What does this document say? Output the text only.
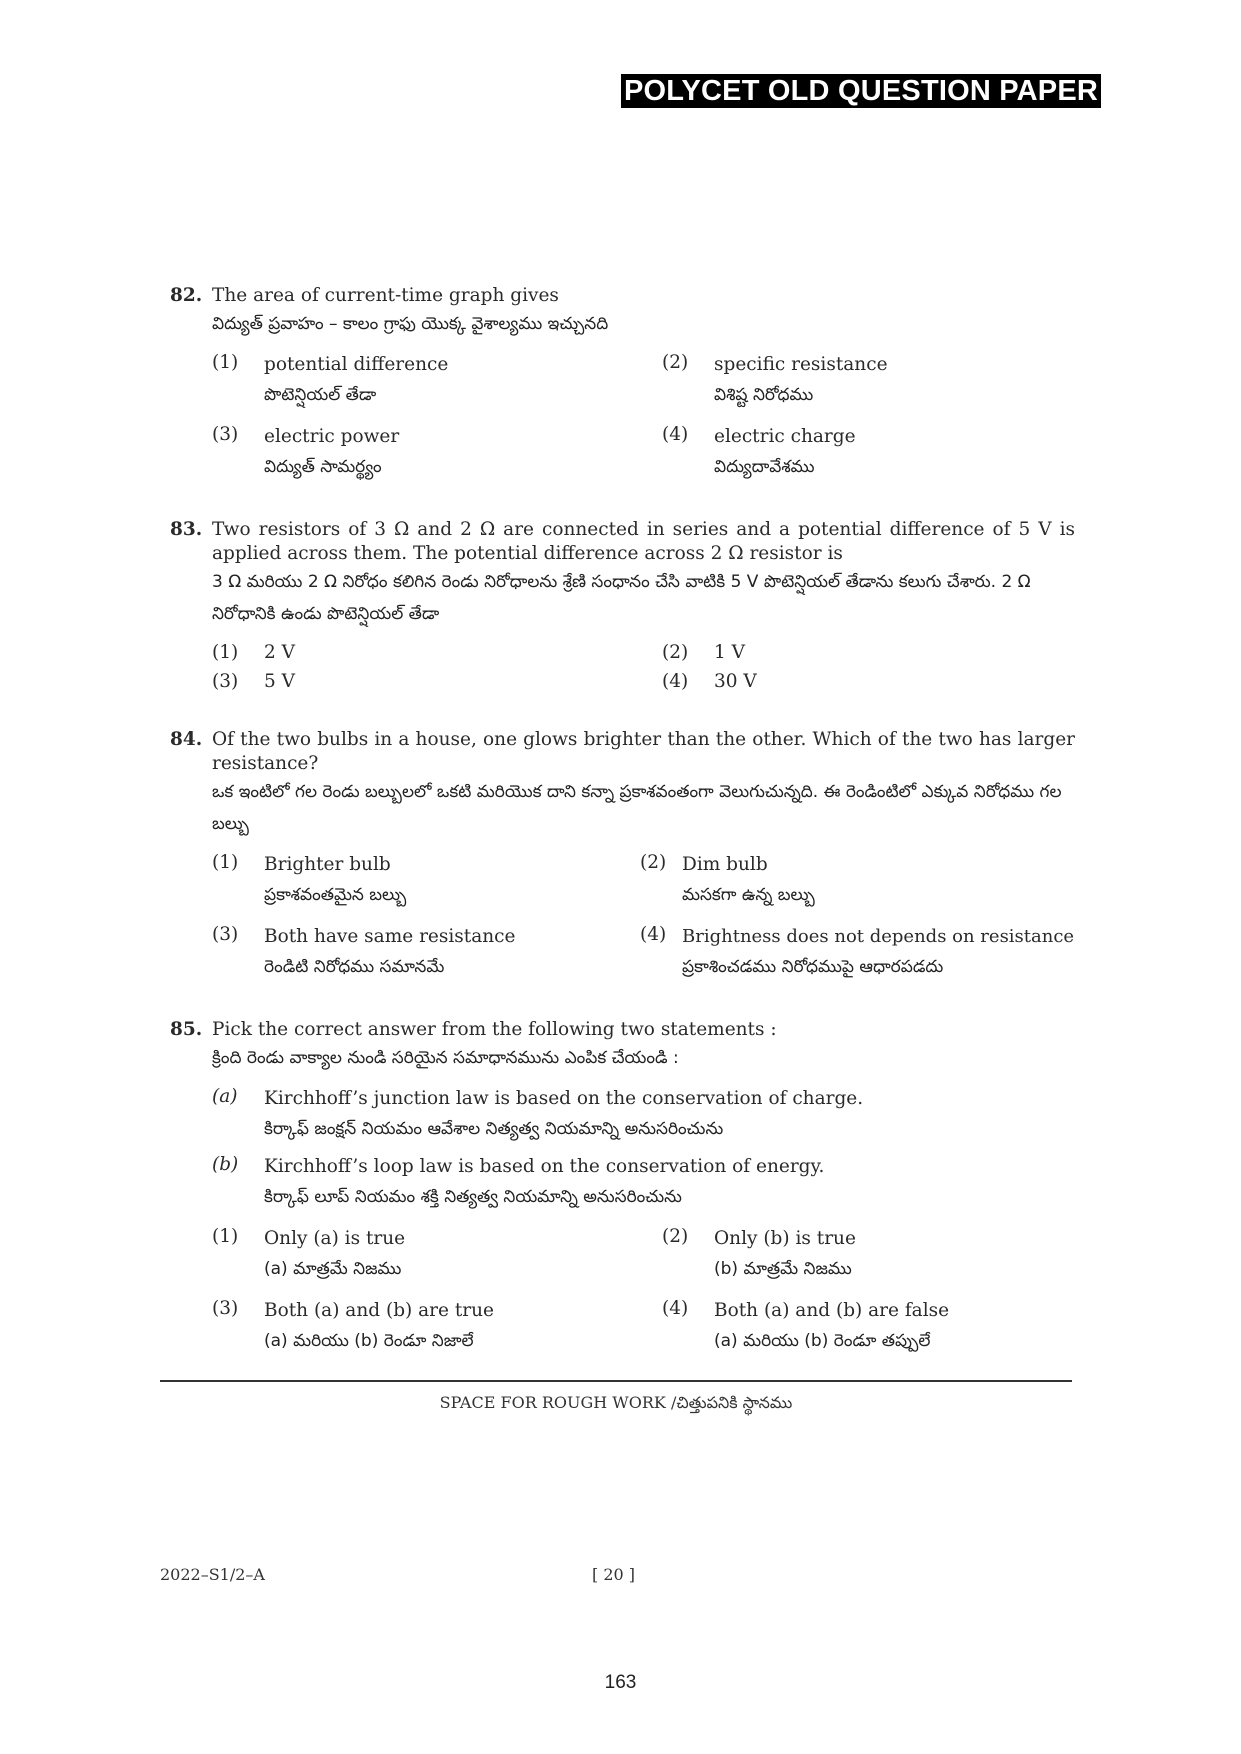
POLYCET OLD QUESTION PAPER
82. The area of current-time graph gives
విద్యుత్ ప్రవాహం – కాలం గ్రాఫు యొక్క వైశాల్యము ఇచ్చునది
(1)	potential difference
పొటెన్షియల్ తేడా
(2)	specific resistance
విశిష్ట నిరోధము
(3)	electric power
విద్యుత్ సామర్థ్యం
(4)	electric charge
విద్యుదావేశము
83. Two resistors of 3 Ω and 2 Ω are connected in series and a potential difference of 5 V is applied across them. The potential difference across 2 Ω resistor is
3 Ω మరియు 2 Ω నిరోధం కలిగిన రెండు నిరోధాలను శ్రేణి సంధానం చేసి వాటికి 5 V పొటెన్షియల్ తేడాను కలుగు చేశారు. 2 Ω నిరోధానికి ఉండు పొటెన్షియల్ తేడా
(1)	2 V	(2)	1 V
(3)	5 V	(4)	30 V
84. Of the two bulbs in a house, one glows brighter than the other. Which of the two has larger resistance?
ఒక ఇంటిలో గల రెండు బల్బులలో ఒకటి మరియొక దాని కన్నా ప్రకాశవంతంగా వెలుగుచున్నది. ఈ రెండింటిలో ఎక్కువ నిరోధము గల బల్బు
(1)	Brighter bulb
ప్రకాశవంతమైన బల్బు
(2) Dim bulb
మసకగా ఉన్న బల్బు
(3)	Both have same resistance
రెండిటి నిరోధము సమానమే
(4) Brightness does not depends on resistance
ప్రకాశించడము నిరోధముపై ఆధారపడదు
85. Pick the correct answer from the following two statements :
క్రింది రెండు వాక్యాల నుండి సరియైన సమాధానమును ఎంపిక చేయండి :
(a)	Kirchhoff’s junction law is based on the conservation of charge.
కిర్కాఫ్ జంక్షన్ నియమం ఆవేశాల నిత్యత్వ నియమాన్ని అనుసరించును
(b)	Kirchhoff’s loop law is based on the conservation of energy.
కిర్కాఫ్ లూప్ నియమం శక్తి నిత్యత్వ నియమాన్ని అనుసరించును
(1)	Only (a) is true
(a) మాత్రమే నిజము
(2)	Only (b) is true
(b) మాత్రమే నిజము
(3)	Both (a) and (b) are true
(a) మరియు (b) రెండూ నిజాలే
(4)	Both (a) and (b) are false
(a) మరియు (b) రెండూ తప్పులే
SPACE FOR ROUGH WORK /చిత్తుపనికి స్థానము
2022–S1/2–A	[ 20 ]
163
